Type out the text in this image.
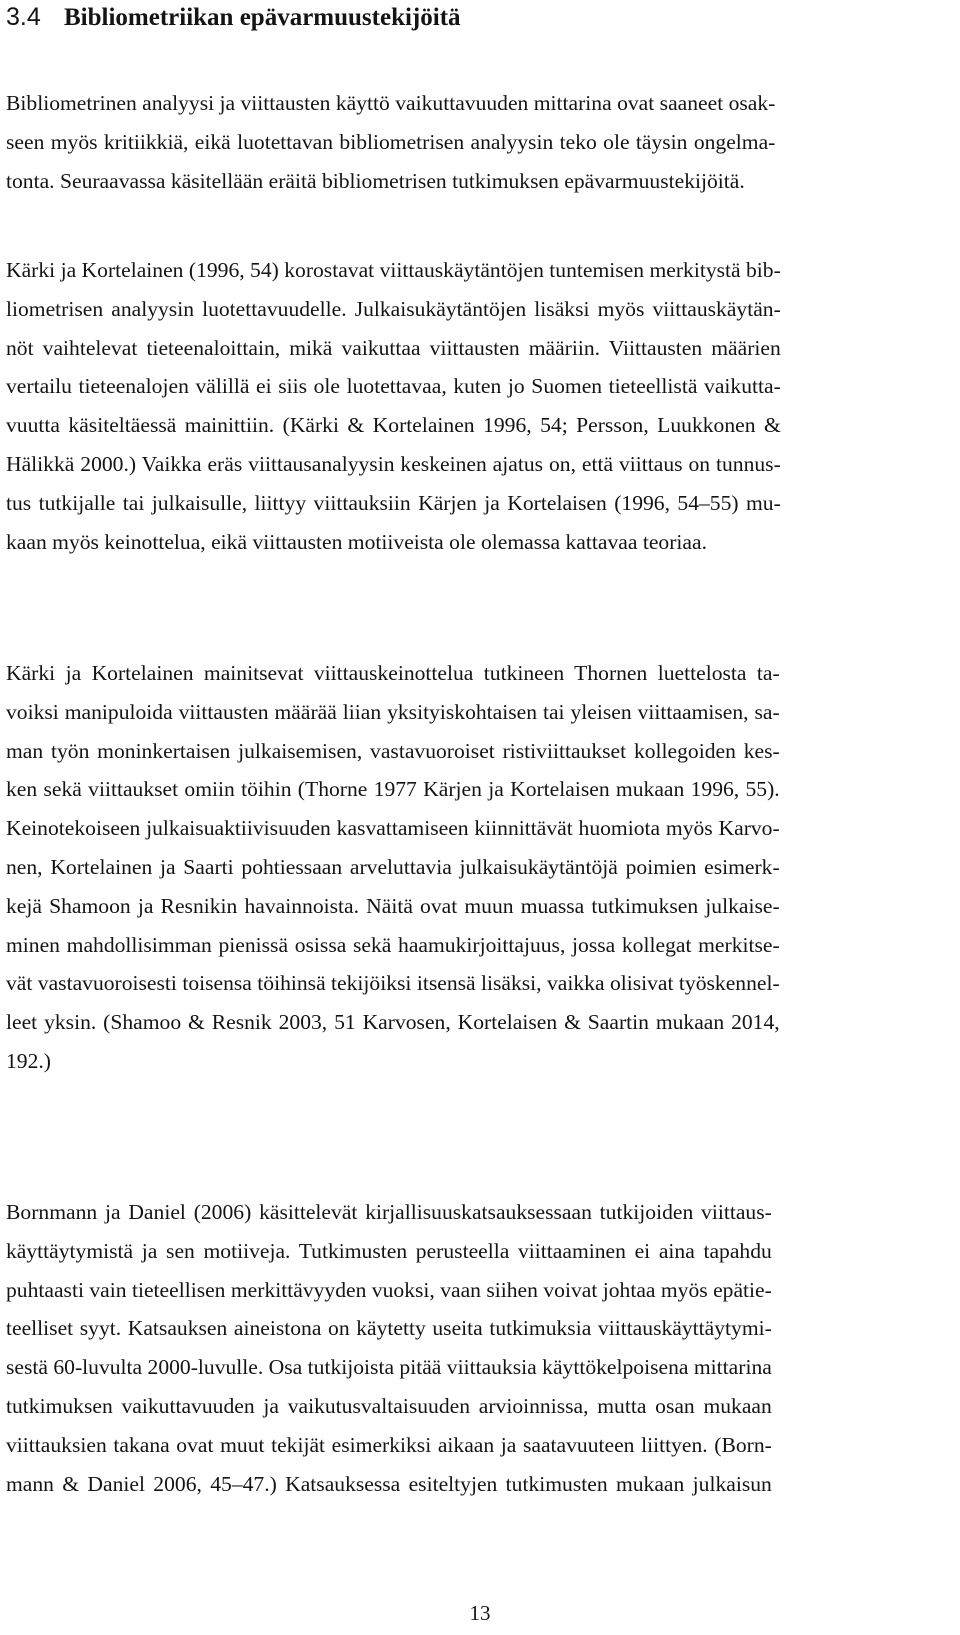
3.4 Bibliometriikan epävarmuustekijöitä
Bibliometrinen analyysi ja viittausten käyttö vaikuttavuuden mittarina ovat saaneet osak-
seen myös kritiikkiä, eikä luotettavan bibliometrisen analyysin teko ole täysin ongelma-
tonta. Seuraavassa käsitellään eräitä bibliometrisen tutkimuksen epävarmuustekijöitä.
Kärki ja Kortelainen (1996, 54) korostavat viittauskäytäntöjen tuntemisen merkitystä bib-
liometrisen analyysin luotettavuudelle. Julkaisukäytäntöjen lisäksi myös viittauskäytän-
nöt vaihtelevat tieteenaloittain, mikä vaikuttaa viittausten määriin. Viittausten määrien
vertailu tieteenalojen välillä ei siis ole luotettavaa, kuten jo Suomen tieteellistä vaikutta-
vuutta käsiteltäessä mainittiin. (Kärki & Kortelainen 1996, 54; Persson, Luukkonen &
Hälikkä 2000.) Vaikka eräs viittausanalyysin keskeinen ajatus on, että viittaus on tunnus-
tus tutkijalle tai julkaisulle, liittyy viittauksiin Kärjen ja Kortelaisen (1996, 54–55) mu-
kaan myös keinottelua, eikä viittausten motiiveista ole olemassa kattavaa teoriaa.
Kärki ja Kortelainen mainitsevat viittauskeinottelua tutkineen Thornen luettelosta ta-
voiksi manipuloida viittausten määrää liian yksityiskohtaisen tai yleisen viittaamisen, sa-
man työn moninkertaisen julkaisemisen, vastavuoroiset ristiviittaukset kollegoiden kes-
ken sekä viittaukset omiin töihin (Thorne 1977 Kärjen ja Kortelaisen mukaan 1996, 55).
Keinotekoiseen julkaisuaktiivisuuden kasvattamiseen kiinnittävät huomiota myös Karvo-
nen, Kortelainen ja Saarti pohtiessaan arveluttavia julkaisukäytäntöjä poimien esimerk-
kejä Shamoon ja Resnikin havainnoista. Näitä ovat muun muassa tutkimuksen julkaise-
minen mahdollisimman pienissä osissa sekä haamukirjoittajuus, jossa kollegat merkitse-
vät vastavuoroisesti toisensa töihinsä tekijöiksi itsensä lisäksi, vaikka olisivat työskennel-
leet yksin. (Shamoo & Resnik 2003, 51 Karvosen, Kortelaisen & Saartin mukaan 2014,
192.)
Bornmann ja Daniel (2006) käsittelevät kirjallisuuskatsauksessaan tutkijoiden viittaus-
käyttäytymistä ja sen motiiveja. Tutkimusten perusteella viittaaminen ei aina tapahdu
puhtaasti vain tieteellisen merkittävyyden vuoksi, vaan siihen voivat johtaa myös epätie-
teelliset syyt. Katsauksen aineistona on käytetty useita tutkimuksia viittauskäyttäytymi-
sestä 60-luvulta 2000-luvulle. Osa tutkijoista pitää viittauksia käyttökelpoisena mittarina
tutkimuksen vaikuttavuuden ja vaikutusvaltaisuuden arvioinnissa, mutta osan mukaan
viittauksien takana ovat muut tekijät esimerkiksi aikaan ja saatavuuteen liittyen. (Born-
mann & Daniel 2006, 45–47.) Katsauksessa esiteltyjen tutkimusten mukaan julkaisun
13
